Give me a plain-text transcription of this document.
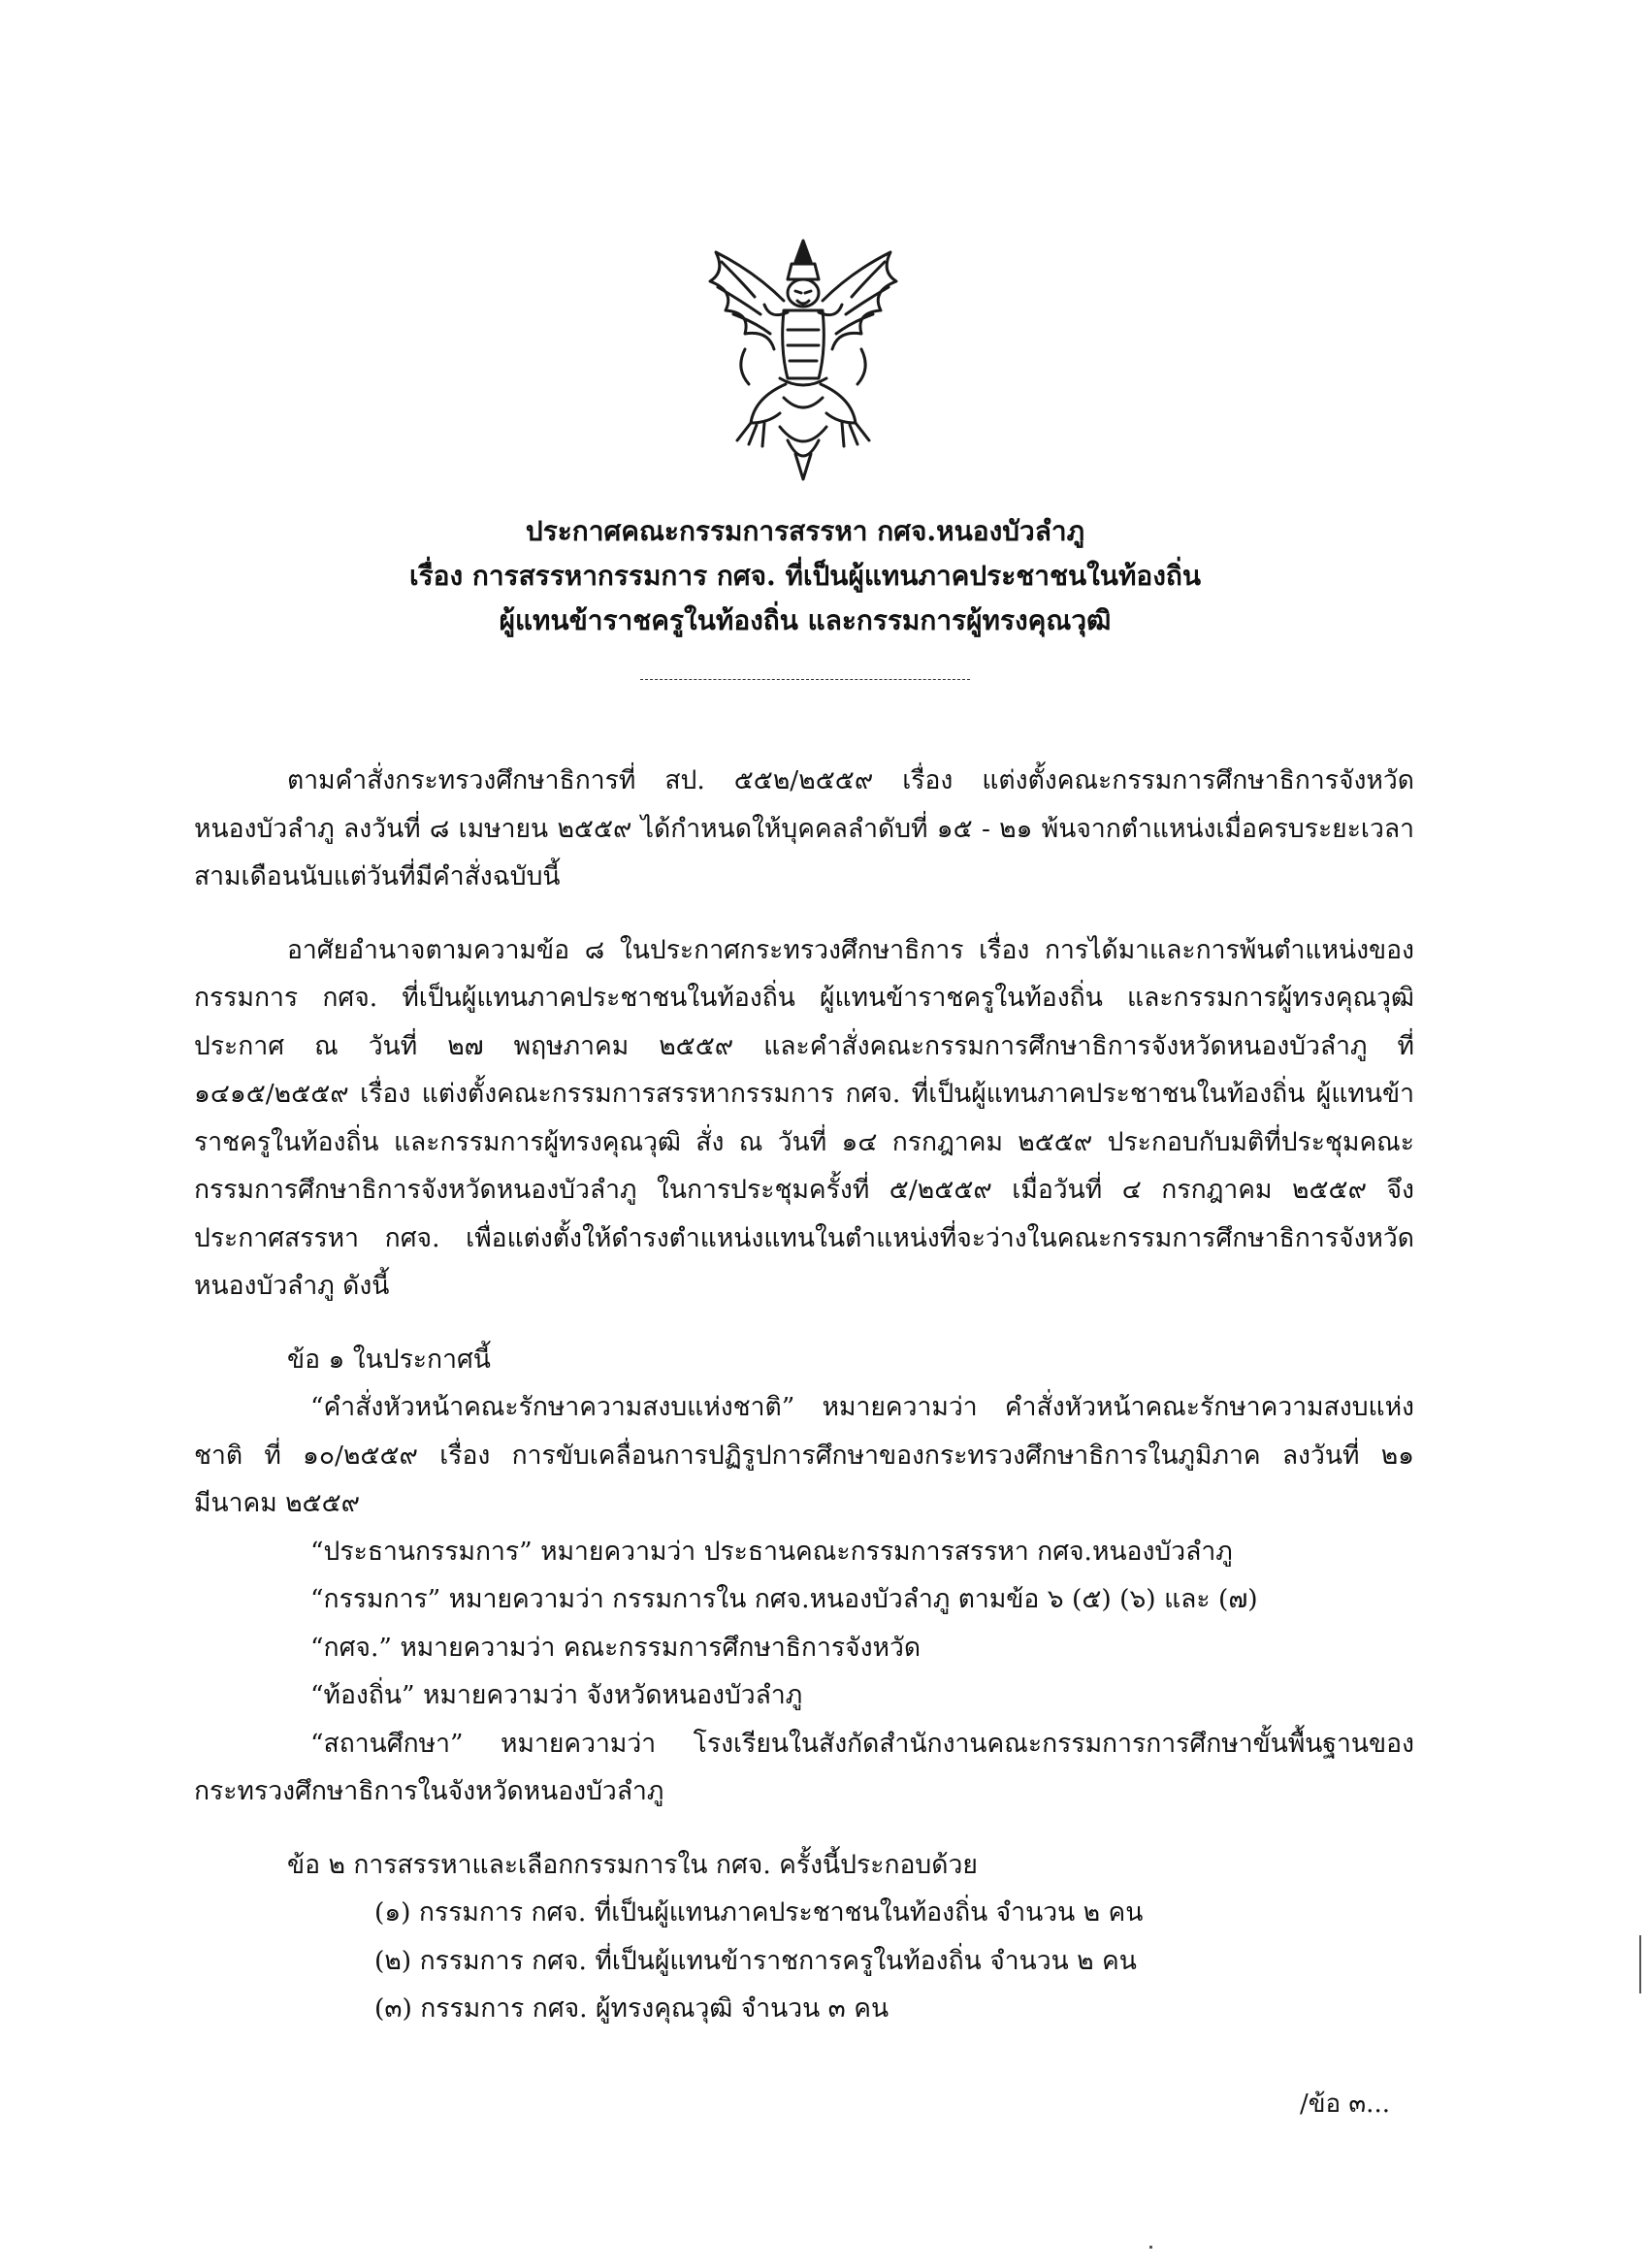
ประกาศคณะกรรมการสรรหา กศจ.หนองบัวลำภู
เรื่อง การสรรหากรรมการ กศจ. ที่เป็นผู้แทนภาคประชาชนในท้องถิ่น
ผู้แทนข้าราชครูในท้องถิ่น และกรรมการผู้ทรงคุณวุฒิ

ตามคำสั่งกระทรวงศึกษาธิการที่ สป. ๕๕๒/๒๕๕๙ เรื่อง แต่งตั้งคณะกรรมการศึกษาธิการจังหวัดหนองบัวลำภู ลงวันที่ ๘ เมษายน ๒๕๕๙ ได้กำหนดให้บุคคลลำดับที่ ๑๕ - ๒๑ พ้นจากตำแหน่งเมื่อครบระยะเวลาสามเดือนนับแต่วันที่มีคำสั่งฉบับนี้

อาศัยอำนาจตามความข้อ ๘ ในประกาศกระทรวงศึกษาธิการ เรื่อง การได้มาและการพ้นตำแหน่งของกรรมการ กศจ. ที่เป็นผู้แทนภาคประชาชนในท้องถิ่น ผู้แทนข้าราชครูในท้องถิ่น และกรรมการผู้ทรงคุณวุฒิ ประกาศ ณ วันที่ ๒๗ พฤษภาคม ๒๕๕๙ และคำสั่งคณะกรรมการศึกษาธิการจังหวัดหนองบัวลำภู ที่ ๑๔๑๕/๒๕๕๙ เรื่อง แต่งตั้งคณะกรรมการสรรหากรรมการ กศจ. ที่เป็นผู้แทนภาคประชาชนในท้องถิ่น ผู้แทนข้าราชครูในท้องถิ่น และกรรมการผู้ทรงคุณวุฒิ สั่ง ณ วันที่ ๑๔ กรกฎาคม ๒๕๕๙ ประกอบกับมติที่ประชุมคณะกรรมการศึกษาธิการจังหวัดหนองบัวลำภู ในการประชุมครั้งที่ ๕/๒๕๕๙ เมื่อวันที่ ๔ กรกฎาคม ๒๕๕๙ จึงประกาศสรรหา กศจ. เพื่อแต่งตั้งให้ดำรงตำแหน่งแทนในตำแหน่งที่จะว่างในคณะกรรมการศึกษาธิการจังหวัดหนองบัวลำภู ดังนี้

ข้อ ๑ ในประกาศนี้

“คำสั่งหัวหน้าคณะรักษาความสงบแห่งชาติ” หมายความว่า คำสั่งหัวหน้าคณะรักษาความสงบแห่งชาติ ที่ ๑๐/๒๕๕๙ เรื่อง การขับเคลื่อนการปฏิรูปการศึกษาของกระทรวงศึกษาธิการในภูมิภาค ลงวันที่ ๒๑ มีนาคม ๒๕๕๙

“ประธานกรรมการ” หมายความว่า ประธานคณะกรรมการสรรหา กศจ.หนองบัวลำภู

“กรรมการ” หมายความว่า กรรมการใน กศจ.หนองบัวลำภู ตามข้อ ๖ (๕) (๖) และ (๗)

“กศจ.” หมายความว่า คณะกรรมการศึกษาธิการจังหวัด

“ท้องถิ่น” หมายความว่า จังหวัดหนองบัวลำภู

“สถานศึกษา” หมายความว่า โรงเรียนในสังกัดสำนักงานคณะกรรมการการศึกษาขั้นพื้นฐานของกระทรวงศึกษาธิการในจังหวัดหนองบัวลำภู

ข้อ ๒ การสรรหาและเลือกกรรมการใน กศจ. ครั้งนี้ประกอบด้วย

(๑) กรรมการ กศจ. ที่เป็นผู้แทนภาคประชาชนในท้องถิ่น จำนวน ๒ คน

(๒) กรรมการ กศจ. ที่เป็นผู้แทนข้าราชการครูในท้องถิ่น จำนวน ๒ คน

(๓) กรรมการ กศจ. ผู้ทรงคุณวุฒิ จำนวน ๓ คน

/ข้อ ๓...
